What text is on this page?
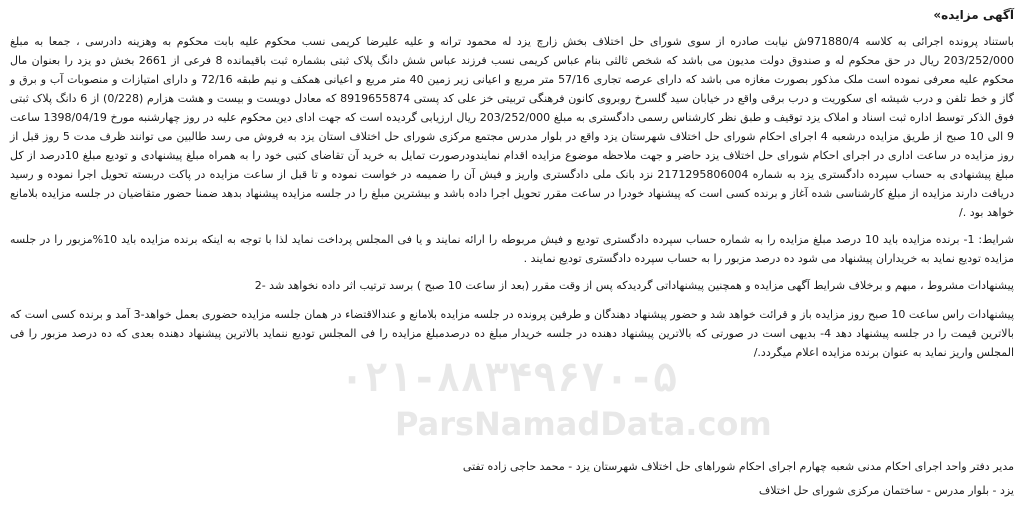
۰۲۱-۸۸۳۴۹۶۷۰-۵
ParsNamadData.com

آگهی مزایده»

باستناد پرونده اجرائی به کلاسه 971880/4ش نیابت صادره از سوی شورای حل اختلاف بخش زارچ یزد له محمود ترانه و علیه علیرضا کریمی نسب محکوم علیه بابت محکوم به وهزینه دادرسی ، جمعا به مبلغ 203/252/000 ریال در حق محکوم له و صندوق دولت مدیون می باشد که شخص ثالثی بنام عباس کریمی نسب فرزند عباس شش دانگ پلاک ثبتی بشماره ثبت باقیمانده 8 فرعی از 2661 بخش دو یزد را بعنوان مال محکوم علیه معرفی نموده است ملک مذکور بصورت مغازه می باشد که دارای عرصه تجاری 57/16 متر مربع و اعیانی زیر زمین 40 متر مربع و اعیانی همکف و نیم طبقه 72/16 و دارای امتیازات و منصوبات آب و برق و گاز و خط تلفن و درب شیشه ای سکوریت و درب برقی واقع در خیابان سید گلسرخ روبروی کانون فرهنگی تربیتی خز علی کد پستی 8919655874 که معادل دویست و بیست و هشت هزارم (0/228) از 6 دانگ پلاک ثبتی فوق الذکر توسط اداره ثبت اسناد و املاک یزد توقیف و طبق نظر کارشناس رسمی دادگستری به مبلغ 203/252/000 ریال ارزیابی گردیده است که جهت ادای دین محکوم علیه در روز چهارشنبه مورخ 1398/04/19 ساعت 9 الی 10 صبح از طریق مزایده درشعبه 4 اجرای احکام شورای حل اختلاف شهرستان یزد واقع در بلوار مدرس مجتمع مرکزی شورای حل اختلاف استان یزد به فروش می رسد طالبین می توانند ظرف مدت 5 روز قبل از روز مزایده در ساعت اداری در اجرای احکام شورای حل اختلاف یزد حاضر و جهت ملاحظه موضوع مزایده اقدام نمایندودرصورت تمایل به خرید آن تقاضای کتبی خود را به همراه مبلغ پیشنهادی و تودیع مبلغ 10درصد از کل مبلغ پیشنهادی به حساب سپرده دادگستری یزد به شماره 2171295806004 نزد بانک ملی دادگستری واریز و فیش آن را ضمیمه در خواست نموده و تا قبل از ساعت مزایده در پاکت دربسته تحویل اجرا نموده و رسید دریافت دارند مزایده از مبلغ کارشناسی شده آغاز و برنده کسی است که پیشنهاد خودرا در ساعت مقرر تحویل اجرا داده باشد و بیشترین مبلغ را در جلسه مزایده پیشنهاد بدهد ضمنا حضور متقاضیان در جلسه مزایده بلامانع خواهد بود ./

شرایط: 1- برنده مزایده باید 10 درصد مبلغ مزایده را به شماره حساب سپرده دادگستری تودیع و فیش مربوطه را ارائه نمایند و یا فی المجلس پرداخت نماید لذا با توجه به اینکه برنده مزایده باید 10%مزبور را در جلسه مزایده تودیع نماید به خریداران پیشنهاد می شود ده درصد مزبور را به حساب سپرده دادگستری تودیع نمایند .

پیشنهادات مشروط ، مبهم و برخلاف شرایط آگهی مزایده و همچنین پیشنهاداتی گردیدکه پس از وقت مقرر (بعد از ساعت 10 صبح ) برسد ترتیب اثر داده نخواهد شد -2

پیشنهادات راس ساعت 10 صبح روز مزایده باز و قرائت خواهد شد و حضور پیشنهاد دهندگان و طرفین پرونده در جلسه مزایده بلامانع و عندالاقتضاء در همان جلسه مزایده حضوری بعمل خواهد-3 آمد و برنده کسی است که بالاترین قیمت را در جلسه پیشنهاد دهد 4- بدیهی است در صورتی که بالاترین پیشنهاد دهنده در جلسه خریدار مبلغ ده درصدمبلغ مزایده را فی المجلس تودیع ننماید بالاترین پیشنهاد دهنده بعدی که ده درصد مزبور را فی المجلس واریز نماید به عنوان برنده مزایده اعلام میگردد./

مدیر دفتر واحد اجرای احکام مدنی شعبه چهارم اجرای احکام شوراهای حل اختلاف شهرستان یزد - محمد حاجی زاده تفتی

یزد - بلوار مدرس - ساختمان مرکزی شورای حل اختلاف
